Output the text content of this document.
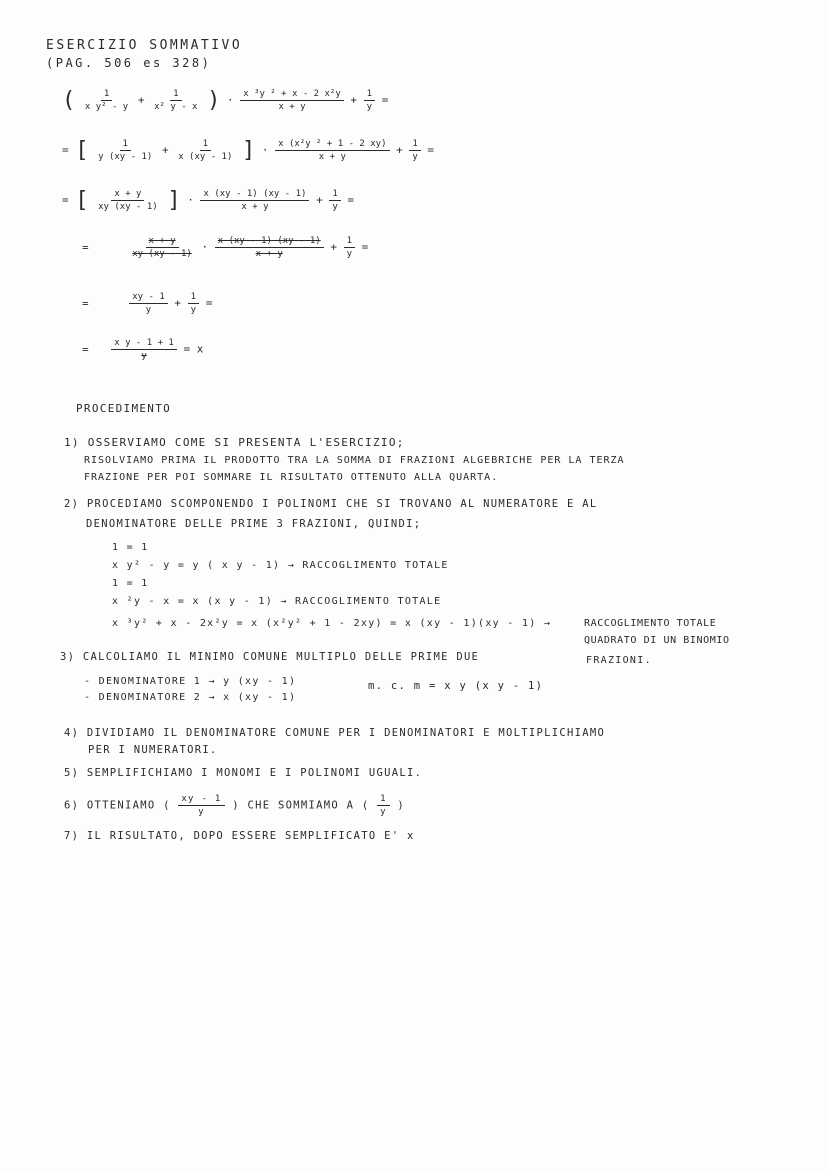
ESERCIZIO SOMMATIVO
(PAG. 506 es 328)
( $\frac{1}{\text{x y² - y}} + \frac{1}{\text{x² y - x}}$ ) · $\frac{\text{x ³y ² + x - 2 x²y}}{x + y} + \frac{1}{y}$ =
= [ $\frac{1}{y (xy - 1)} + \frac{1}{x (xy - 1)}$ ] · $\frac{\text{x (x²y ² + 1 - 2 xy)}}{x + y} + \frac{1}{y}$ =
= [ $\frac{x + y}{xy (xy - 1)}$ ] · $\frac{x (xy - 1) (xy - 1)}{x + y} + \frac{1}{y}$ =
=	$\frac{x + y}{xy (xy - 1)} \cdot \frac{x (xy - 1) (xy - 1)}{x + y} + \frac{1}{y}$ =
=	$\frac{xy - 1}{y} + \frac{1}{y}$ =
=	$\frac{\text{x y - 1 + 1}}{y} = x$
PROCEDIMENTO
1) OSSERVIAMO COME SI PRESENTA L'ESERCIZIO;
RISOLVIAMO PRIMA IL PRODOTTO TRA LA SOMMA DI FRAZIONI ALGEBRICHE PER LA TERZA
FRAZIONE PER POI SOMMARE IL RISULTATO OTTENUTO ALLA QUARTA.
2) PROCEDIAMO SCOMPONENDO I POLINOMI CHE SI TROVANO AL NUMERATORE E AL
DENOMINATORE DELLE PRIME 3 FRAZIONI, QUINDI;
1 = 1
x y² - y = y ( x y - 1) → RACCOGLIMENTO TOTALE
1 = 1
x ²y - x = x (x y - 1) → RACCOGLIMENTO TOTALE
x ³y² + x - 2x²y = x (x²y² + 1 - 2xy) = x (xy - 1)(xy - 1) →	RACCOGLIMENTO TOTALE
QUADRATO DI UN BINOMIO
3) CALCOLIAMO IL MINIMO COMUNE MULTIPLO DELLE PRIME DUE	FRAZIONI.
- DENOMINATORE 1 → y (xy - 1)
- DENOMINATORE 2 → x (xy - 1)
m. c. m = x y (x y - 1)
4) DIVIDIAMO IL DENOMINATORE COMUNE PER I DENOMINATORI E MOLTIPLICHIAMO
PER I NUMERATORI.
5) SEMPLIFICHIAMO I MONOMI E I POLINOMI UGUALI.
6) OTTENIAMO ( $\frac{xy - 1}{y}$ ) CHE SOMMIAMO A ( $\frac{1}{y}$ )
7) IL RISULTATO, DOPO ESSERE SEMPLIFICATO E' x
